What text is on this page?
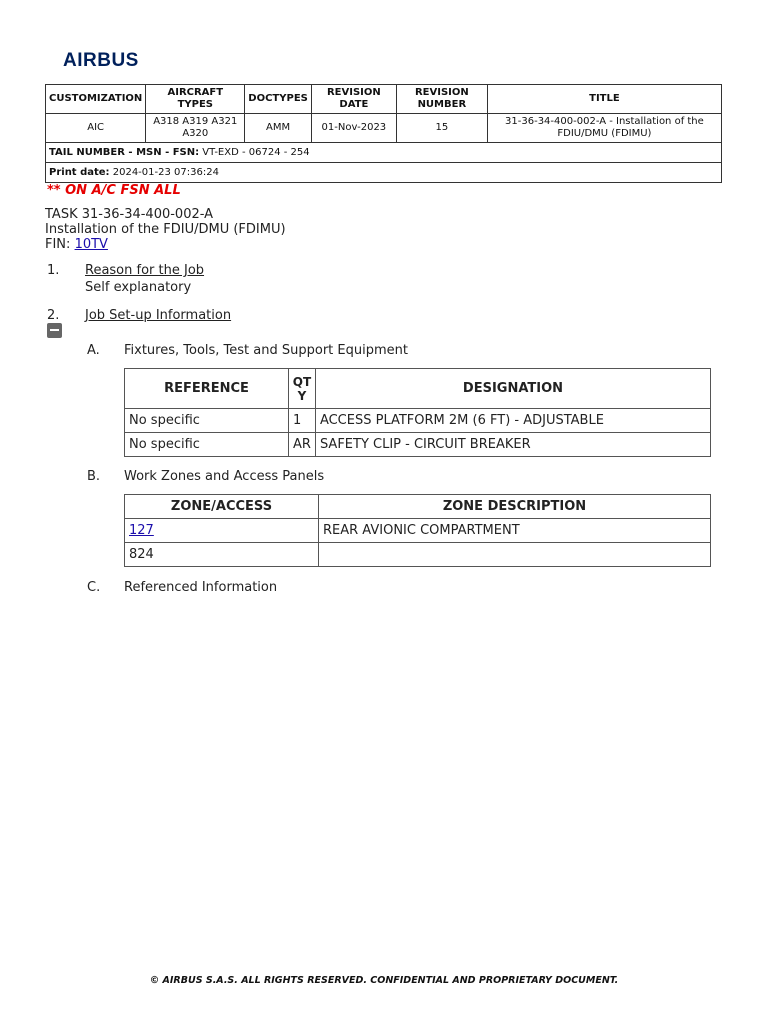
AIRBUS
CUSTOMIZATION	AIRCRAFT TYPES	DOCTYPES	REVISION DATE	REVISION NUMBER	TITLE
AIC	A318 A319 A321 A320	AMM	01-Nov-2023	15	31-36-34-400-002-A - Installation of the FDIU/DMU (FDIMU)
TAIL NUMBER - MSN - FSN: VT-EXD - 06724 - 254					
Print date: 2024-01-23 07:36:24					
** ON A/C FSN ALL
TASK 31-36-34-400-002-A
Installation of the FDIU/DMU (FDIMU)
FIN: 10TV
1. Reason for the Job
Self explanatory
2. Job Set-up Information
A. Fixtures, Tools, Test and Support Equipment
REFERENCE	QTY	DESIGNATION
No specific	1	ACCESS PLATFORM 2M (6 FT) - ADJUSTABLE
No specific	AR	SAFETY CLIP - CIRCUIT BREAKER
B. Work Zones and Access Panels
ZONE/ACCESS	ZONE DESCRIPTION
127	REAR AVIONIC COMPARTMENT
824	
C. Referenced Information
© AIRBUS S.A.S. ALL RIGHTS RESERVED. CONFIDENTIAL AND PROPRIETARY DOCUMENT.
